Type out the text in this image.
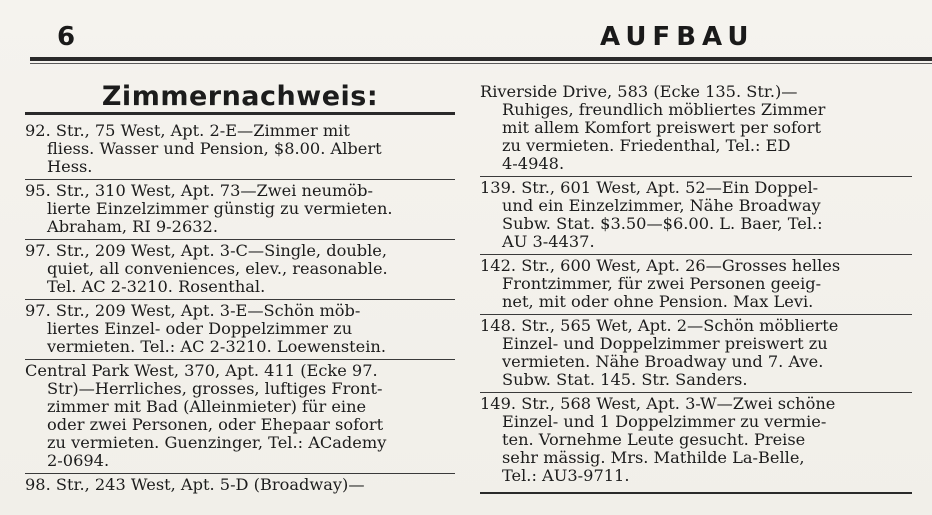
6	AUFBAU
Zimmernachweis:
92. Str., 75 West, Apt. 2-E—Zimmer mit
fliess. Wasser und Pension, $8.00. Albert
Hess.
95. Str., 310 West, Apt. 73—Zwei neumöb-
lierte Einzelzimmer günstig zu vermieten.
Abraham, RI 9-2632.
97. Str., 209 West, Apt. 3-C—Single, double,
quiet, all conveniences, elev., reasonable.
Tel. AC 2-3210. Rosenthal.
97. Str., 209 West, Apt. 3-E—Schön möb-
liertes Einzel- oder Doppelzimmer zu
vermieten. Tel.: AC 2-3210. Loewenstein.
Central Park West, 370, Apt. 411 (Ecke 97.
Str)—Herrliches, grosses, luftiges Front-
zimmer mit Bad (Alleinmieter) für eine
oder zwei Personen, oder Ehepaar sofort
zu vermieten. Guenzinger, Tel.: ACademy
2-0694.
98. Str., 243 West, Apt. 5-D (Broadway)—
Riverside Drive, 583 (Ecke 135. Str.)—
Ruhiges, freundlich möbliertes Zimmer
mit allem Komfort preiswert per sofort
zu vermieten. Friedenthal, Tel.: ED
4-4948.
139. Str., 601 West, Apt. 52—Ein Doppel-
und ein Einzelzimmer, Nähe Broadway
Subw. Stat. $3.50—$6.00. L. Baer, Tel.:
AU 3-4437.
142. Str., 600 West, Apt. 26—Grosses helles
Frontzimmer, für zwei Personen geeig-
net, mit oder ohne Pension. Max Levi.
148. Str., 565 Wet, Apt. 2—Schön möblierte
Einzel- und Doppelzimmer preiswert zu
vermieten. Nähe Broadway und 7. Ave.
Subw. Stat. 145. Str. Sanders.
149. Str., 568 West, Apt. 3-W—Zwei schöne
Einzel- und 1 Doppelzimmer zu vermie-
ten. Vornehme Leute gesucht. Preise
sehr mässig. Mrs. Mathilde La-Belle,
Tel.: AU3-9711.
